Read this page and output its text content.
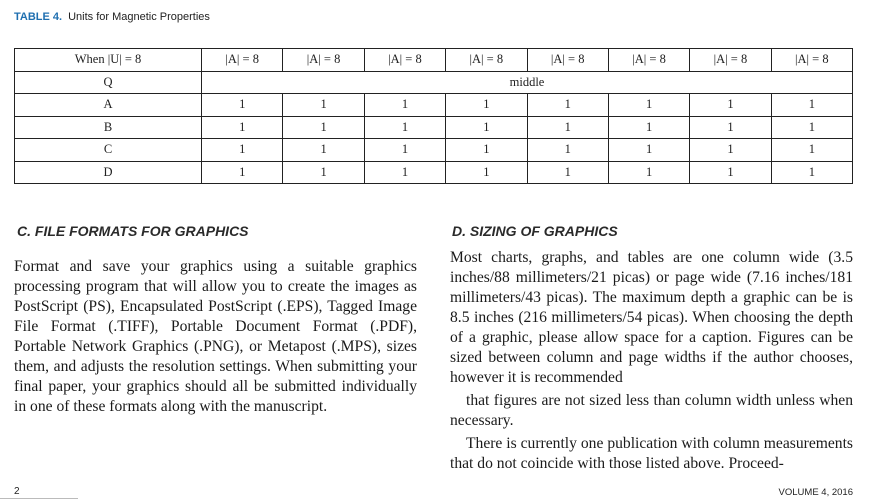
TABLE 4. Units for Magnetic Properties
When |U| = 8	|A| = 8	|A| = 8	|A| = 8	|A| = 8	|A| = 8	|A| = 8	|A| = 8	|A| = 8
Q	middle							
A	1	1	1	1	1	1	1	1
B	1	1	1	1	1	1	1	1
C	1	1	1	1	1	1	1	1
D	1	1	1	1	1	1	1	1
C. FILE FORMATS FOR GRAPHICS

Format and save your graphics using a suitable graphics processing program that will allow you to create the images as PostScript (PS), Encapsulated PostScript (.EPS), Tagged Image File Format (.TIFF), Portable Document Format (.PDF), Portable Network Graphics (.PNG), or Metapost (.MPS), sizes them, and adjusts the resolution settings. When submitting your final paper, your graphics should all be submitted individually in one of these formats along with the manuscript.

D. SIZING OF GRAPHICS

Most charts, graphs, and tables are one column wide (3.5 inches/88 millimeters/21 picas) or page wide (7.16 inches/181 millimeters/43 picas). The maximum depth a graphic can be is 8.5 inches (216 millimeters/54 picas). When choosing the depth of a graphic, please allow space for a caption. Figures can be sized between column and page widths if the author chooses, however it is recommended

that figures are not sized less than column width unless when necessary.

There is currently one publication with column measurements that do not coincide with those listed above. Proceed-

2	VOLUME 4, 2016
